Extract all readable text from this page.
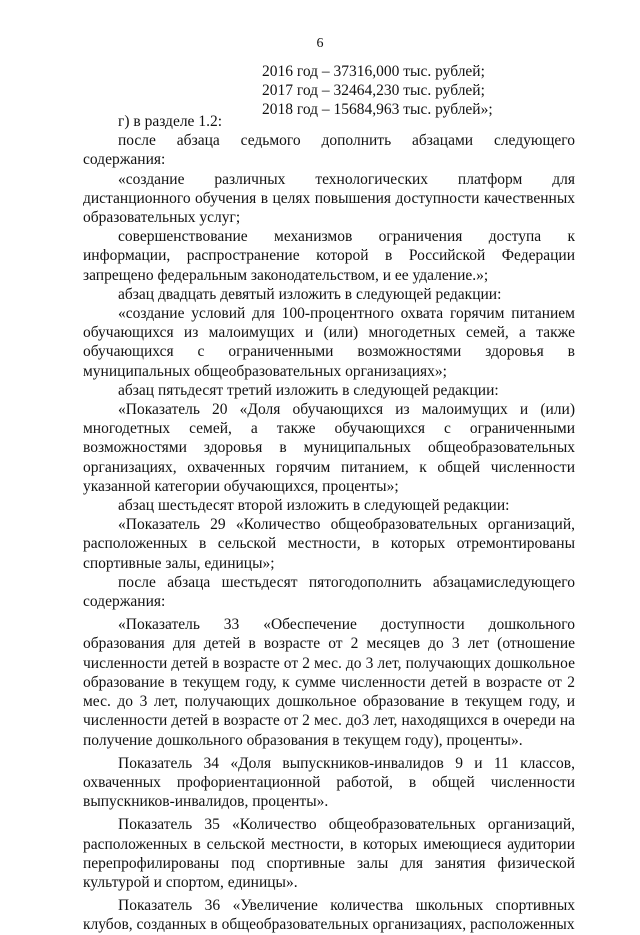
6
2016 год – 37316,000 тыс. рублей;
2017 год – 32464,230 тыс. рублей;
2018 год – 15684,963 тыс. рублей»;

г) в разделе 1.2:

после абзаца седьмого дополнить абзацами следующего содержания:

«создание различных технологических платформ для дистанционного обучения в целях повышения доступности качественных образовательных услуг;

совершенствование механизмов ограничения доступа к информации, распространение которой в Российской Федерации запрещено федеральным законодательством, и ее удаление.»;

абзац двадцать девятый изложить в следующей редакции:

«создание условий для 100-процентного охвата горячим питанием обучающихся из малоимущих и (или) многодетных семей, а также обучающихся с ограниченными возможностями здоровья в муниципальных общеобразовательных организациях»;

абзац пятьдесят третий изложить в следующей редакции:

«Показатель 20 «Доля обучающихся из малоимущих и (или) многодетных семей, а также обучающихся с ограниченными возможностями здоровья в муниципальных общеобразовательных организациях, охваченных горячим питанием, к общей численности указанной категории обучающихся, проценты»;

абзац шестьдесят второй изложить в следующей редакции:

«Показатель 29 «Количество общеобразовательных организаций, расположенных в сельской местности, в которых отремонтированы спортивные залы, единицы»;

после абзаца шестьдесят пятогодополнить абзацамиследующего содержания:

«Показатель 33 «Обеспечение доступности дошкольного образования для детей в возрасте от 2 месяцев до 3 лет (отношение численности детей в возрасте от 2 мес. до 3 лет, получающих дошкольное образование в текущем году, к сумме численности детей в возрасте от 2 мес. до 3 лет, получающих дошкольное образование в текущем году, и численности детей в возрасте от 2 мес. до3 лет, находящихся в очереди на получение дошкольного образования в текущем году), проценты».

Показатель 34 «Доля выпускников-инвалидов 9 и 11 классов, охваченных профориентационной работой, в общей численности выпускников-инвалидов, проценты».

Показатель 35 «Количество общеобразовательных организаций, расположенных в сельской местности, в которых имеющиеся аудитории перепрофилированы под спортивные залы для занятия физической культурой и спортом, единицы».

Показатель 36 «Увеличение количества школьных спортивных клубов, созданных в общеобразовательных организациях, расположенных
